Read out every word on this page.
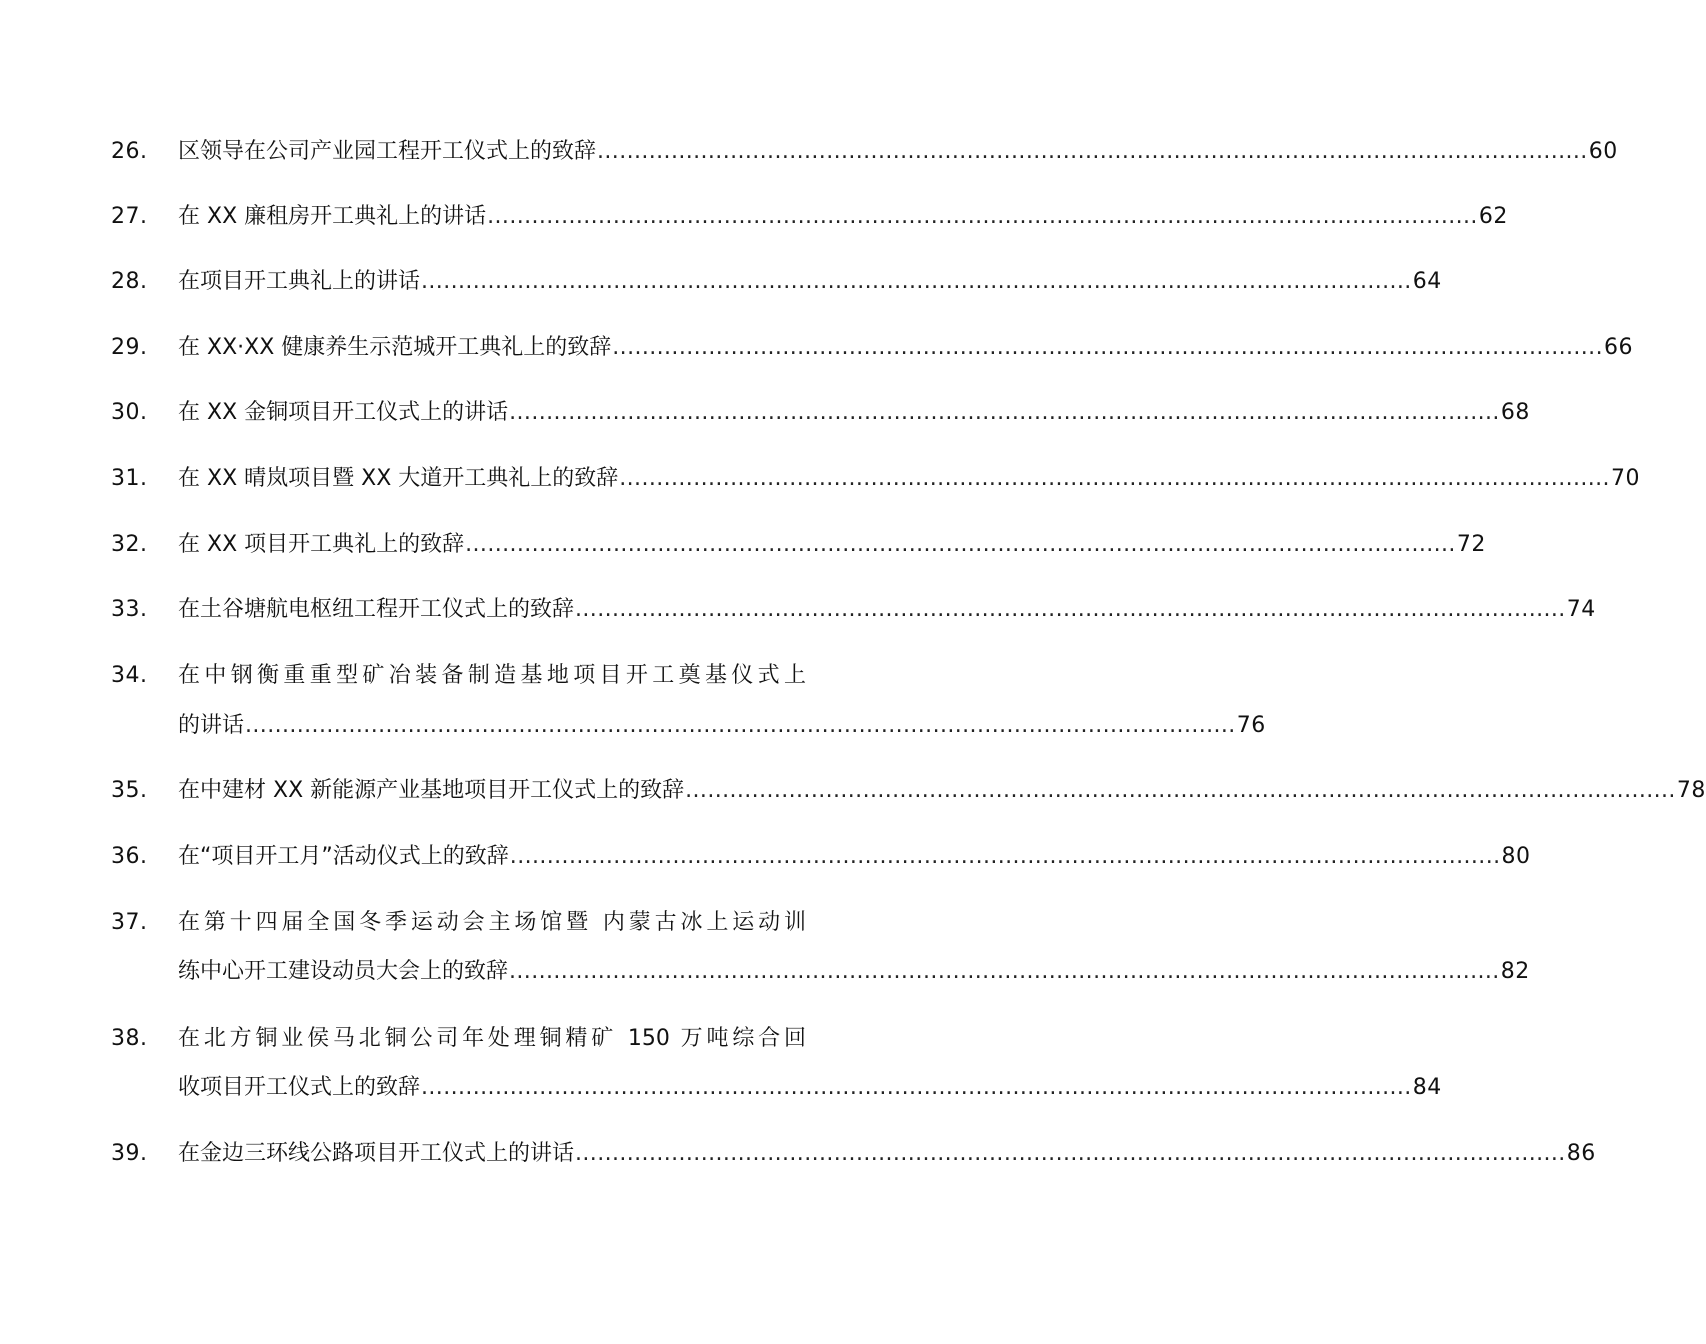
26.	区领导在公司产业园工程开工仪式上的致辞 ...................................................................................................................................... 60
27.	在 XX 廉租房开工典礼上的讲话 ...................................................................................................................................... 62
28.	在项目开工典礼上的讲话 ...................................................................................................................................... 64
29.	在 XX·XX 健康养生示范城开工典礼上的致辞 ...................................................................................................................................... 66
30.	在 XX 金铜项目开工仪式上的讲话 ...................................................................................................................................... 68
31.	在 XX 晴岚项目暨 XX 大道开工典礼上的致辞 ...................................................................................................................................... 70
32.	在 XX 项目开工典礼上的致辞 ...................................................................................................................................... 72
33.	在土谷塘航电枢纽工程开工仪式上的致辞 ...................................................................................................................................... 74
34.	在中钢衡重重型矿冶装备制造基地项目开工奠基仪式上
的讲话 ...................................................................................................................................... 76
35.	在中建材 XX 新能源产业基地项目开工仪式上的致辞 ...................................................................................................................................... 78
36.	在“项目开工月”活动仪式上的致辞 ...................................................................................................................................... 80
37.	在第十四届全国冬季运动会主场馆暨 内蒙古冰上运动训
练中心开工建设动员大会上的致辞 ...................................................................................................................................... 82
38.	在北方铜业侯马北铜公司年处理铜精矿 150 万吨综合回
收项目开工仪式上的致辞 ...................................................................................................................................... 84
39.	在金边三环线公路项目开工仪式上的讲话 ...................................................................................................................................... 86
